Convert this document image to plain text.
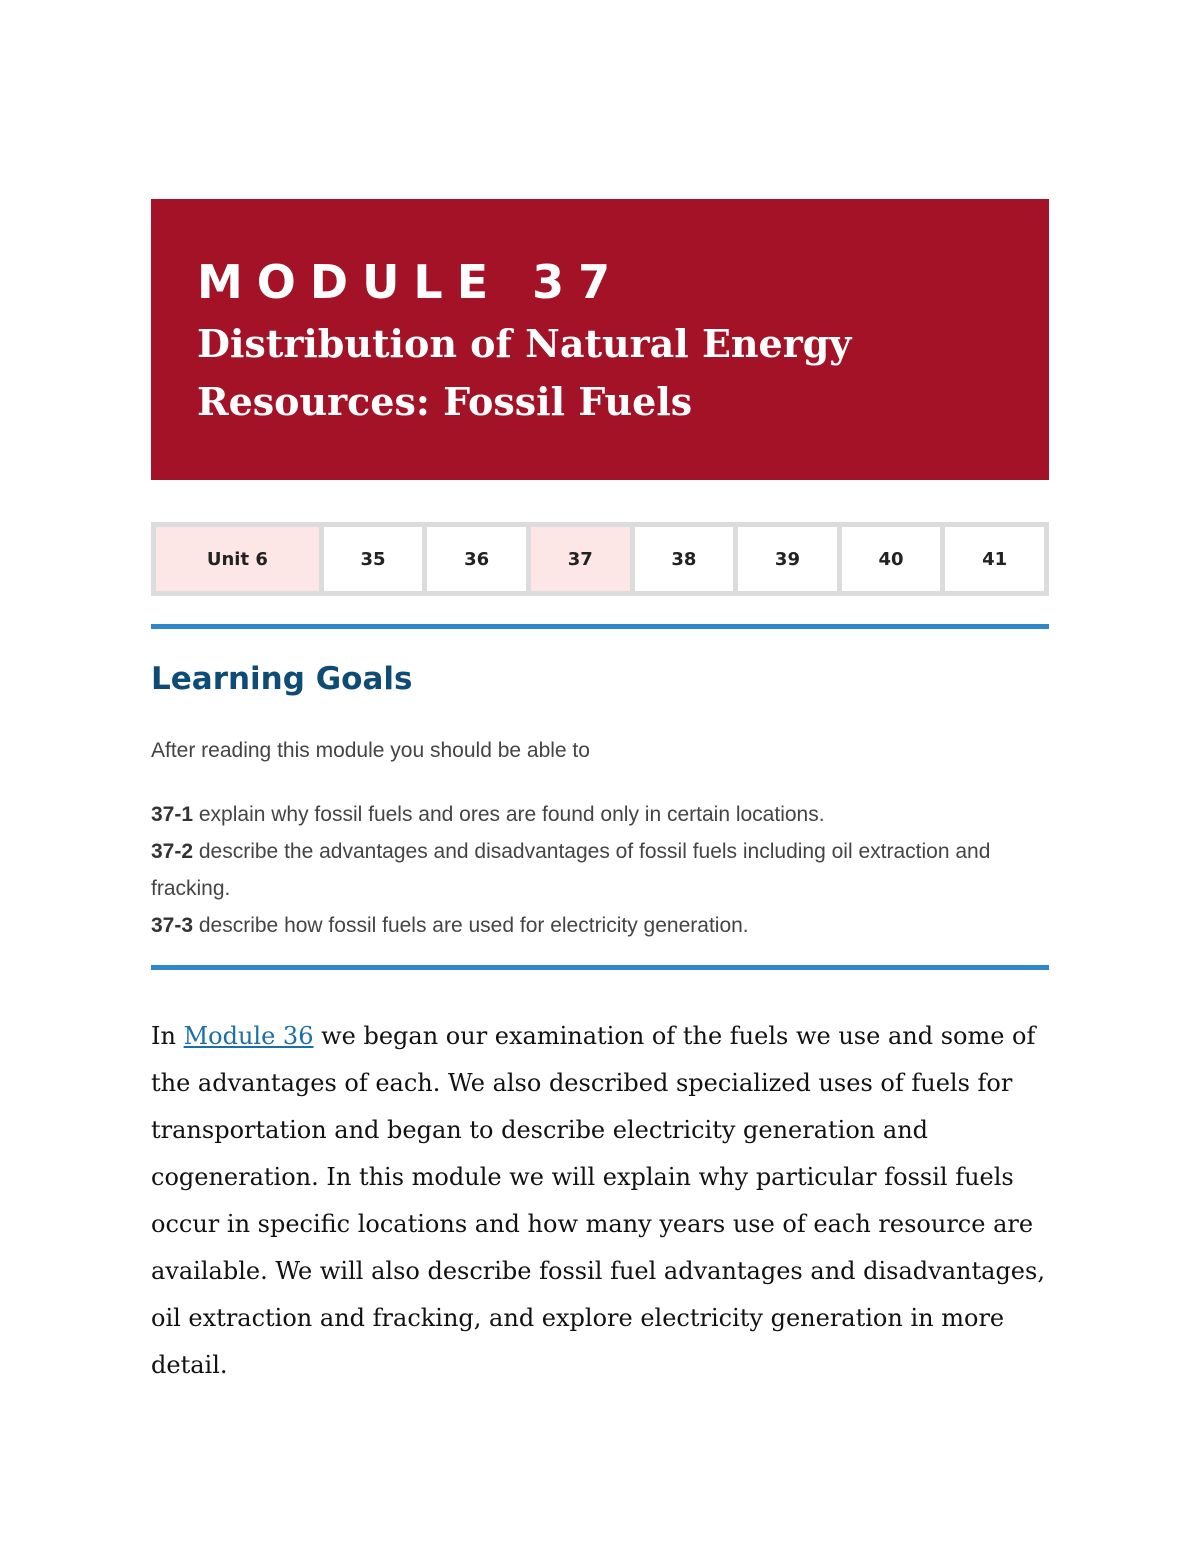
MODULE 37
Distribution of Natural Energy
Resources: Fossil Fuels
Unit 6	35	36	37	38	39	40	41
Learning Goals

After reading this module you should be able to

37-1 explain why fossil fuels and ores are found only in certain locations.
37-2 describe the advantages and disadvantages of fossil fuels including oil extraction and fracking.
37-3 describe how fossil fuels are used for electricity generation.

In Module 36 we began our examination of the fuels we use and some of the advantages of each. We also described specialized uses of fuels for transportation and began to describe electricity generation and cogeneration. In this module we will explain why particular fossil fuels occur in specific locations and how many years use of each resource are available. We will also describe fossil fuel advantages and disadvantages, oil extraction and fracking, and explore electricity generation in more detail.
